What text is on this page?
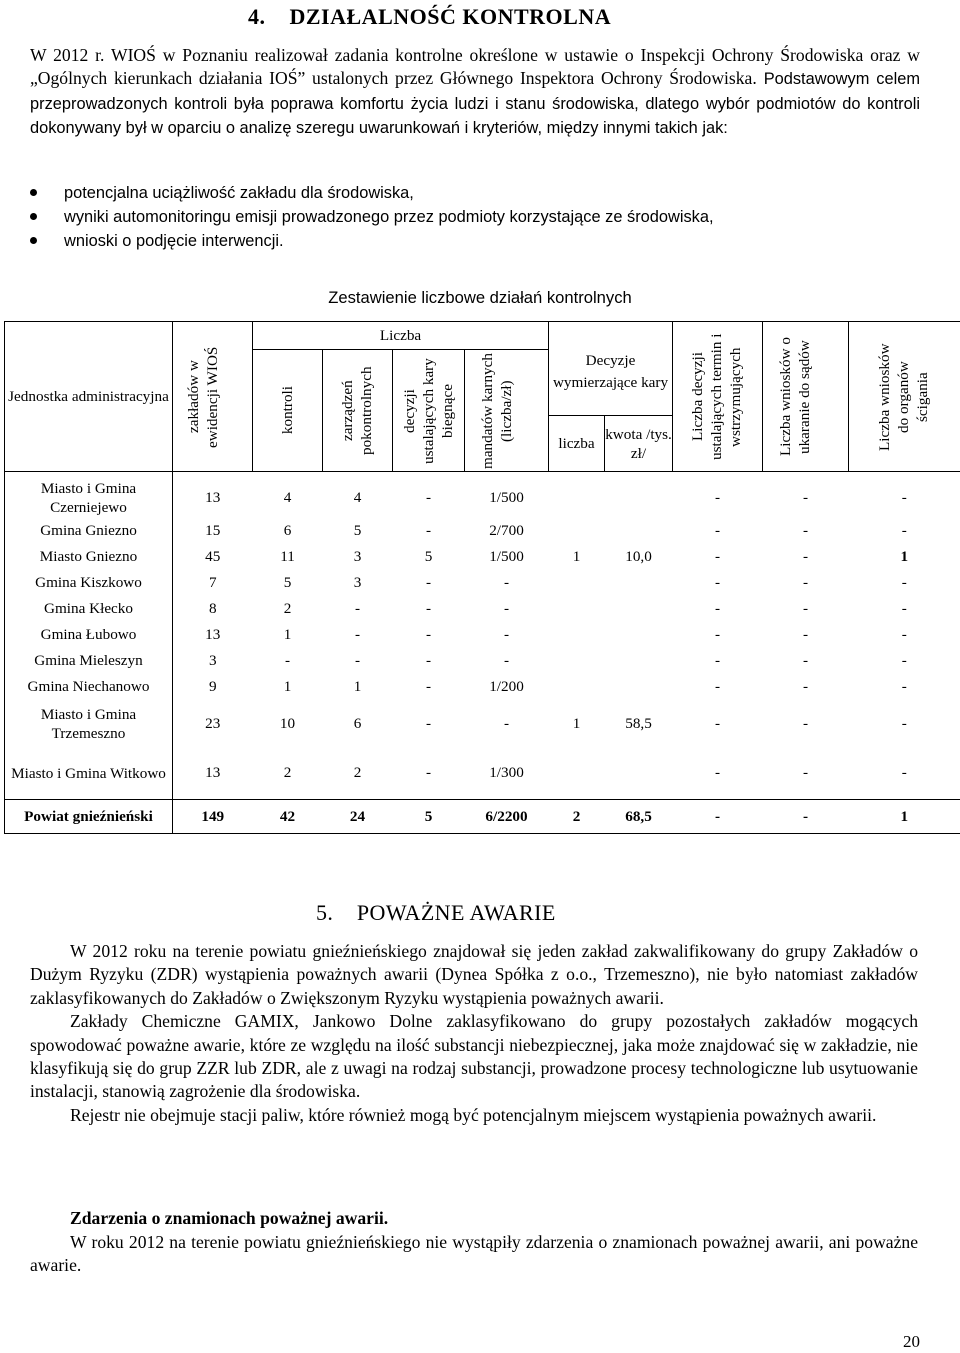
4.    DZIAŁALNOŚĆ KONTROLNA
W 2012 r. WIOŚ w Poznaniu realizował zadania kontrolne określone w ustawie o Inspekcji Ochrony Środowiska oraz w „Ogólnych kierunkach działania IOŚ” ustalonych przez Głównego Inspektora Ochrony Środowiska. Podstawowym celem przeprowadzonych kontroli była poprawa komfortu życia ludzi i stanu środowiska, dlatego wybór podmiotów do kontroli dokonywany był w oparciu o analizę szeregu uwarunkowań i kryteriów, między innymi takich jak:
potencjalna uciążliwość zakładu dla środowiska,
wyniki automonitoringu emisji prowadzonego przez podmioty korzystające ze środowiska,
wnioski o podjęcie interwencji.
Zestawienie liczbowe działań kontrolnych
Jednostka administracyjna	zakładów w ewidencji WIOŚ	Liczba				Decyzje wymierzające kary		Liczba decyzji ustalających termin i wstrzymujących	Liczba wniosków o ukaranie do sądów	Liczba wniosków do organów ścigania

		kontroli	zarządzeń pokontrolnych	decyzji ustalających kary biegnące	mandatów karnych (liczba/zł)					

						liczba	kwota /tys. zł/			

Miasto i Gmina Czerniejewo	13	4	4	-	1/500			-	-	-
Gmina Gniezno	15	6	5	-	2/700			-	-	-
Miasto Gniezno	45	11	3	5	1/500	1	10,0	-	-	1
Gmina Kiszkowo	7	5	3	-	-			-	-	-
Gmina Kłecko	8	2	-	-	-			-	-	-
Gmina Łubowo	13	1	-	-	-			-	-	-
Gmina Mieleszyn	3	-	-	-	-			-	-	-
Gmina Niechanowo	9	1	1	-	1/200			-	-	-
Miasto i Gmina Trzemeszno	23	10	6	-	-	1	58,5	-	-	-
Miasto i Gmina Witkowo	13	2	2	-	1/300			-	-	-
Powiat gnieźnieński	149	42	24	5	6/2200	2	68,5	-	-	1
5.    POWAŻNE AWARIE

W 2012 roku na terenie powiatu gnieźnieńskiego znajdował się jeden zakład zakwalifikowany do grupy Zakładów o Dużym Ryzyku (ZDR) wystąpienia poważnych awarii (Dynea Spółka z o.o., Trzemeszno), nie było natomiast zakładów zaklasyfikowanych do Zakładów o Zwiększonym Ryzyku wystąpienia poważnych awarii.

Zakłady Chemiczne GAMIX, Jankowo Dolne zaklasyfikowano do grupy pozostałych zakładów mogących spowodować poważne awarie, które ze względu na ilość substancji niebezpiecznej, jaka może znajdować się w zakładzie, nie klasyfikują się do grup ZZR lub ZDR, ale z uwagi na rodzaj substancji, prowadzone procesy technologiczne lub usytuowanie instalacji, stanowią zagrożenie dla środowiska.

Rejestr nie obejmuje stacji paliw, które również mogą być potencjalnym miejscem wystąpienia poważnych awarii.

Zdarzenia o znamionach poważnej awarii.

W roku 2012 na terenie powiatu gnieźnieńskiego nie wystąpiły zdarzenia o znamionach poważnej awarii, ani poważne awarie.

20
